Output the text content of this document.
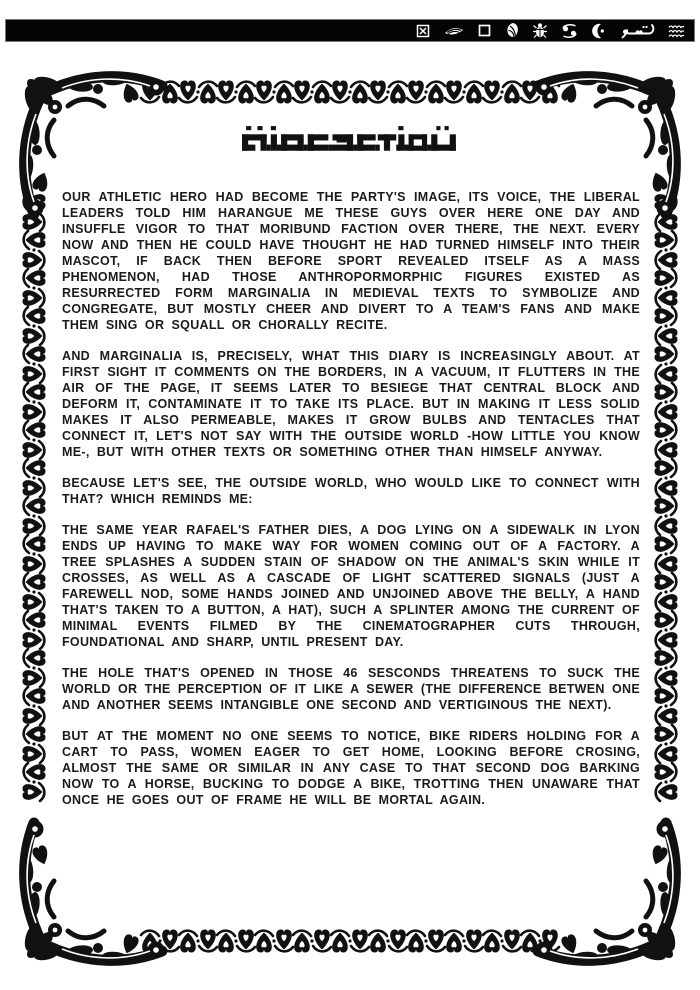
OUR ATHLETIC HERO HAD BECOME THE PARTY'S IMAGE, ITS VOICE, THE LIBERAL LEADERS TOLD HIM HARANGUE ME THESE GUYS OVER HERE ONE DAY AND INSUFFLE VIGOR TO THAT MORIBUND FACTION OVER THERE, THE NEXT. EVERY NOW AND THEN HE COULD HAVE THOUGHT HE HAD TURNED HIMSELF INTO THEIR MASCOT, IF BACK THEN BEFORE SPORT REVEALED ITSELF AS A MASS PHENOMENON, HAD THOSE ANTHROPORMORPHIC FIGURES EXISTED AS RESURRECTED FORM MARGINALIA IN MEDIEVAL TEXTS TO SYMBOLIZE AND CONGREGATE, BUT MOSTLY CHEER AND DIVERT TO A TEAM'S FANS AND MAKE THEM SING OR SQUALL OR CHORALLY RECITE.

AND MARGINALIA IS, PRECISELY, WHAT THIS DIARY IS INCREASINGLY ABOUT. AT FIRST SIGHT IT COMMENTS ON THE BORDERS, IN A VACUUM, IT FLUTTERS IN THE AIR OF THE PAGE, IT SEEMS LATER TO BESIEGE THAT CENTRAL BLOCK AND DEFORM IT, CONTAMINATE IT TO TAKE ITS PLACE. BUT IN MAKING IT LESS SOLID MAKES IT ALSO PERMEABLE, MAKES IT GROW BULBS AND TENTACLES THAT CONNECT IT, LET'S NOT SAY WITH THE OUTSIDE WORLD -HOW LITTLE YOU KNOW ME-, BUT WITH OTHER TEXTS OR SOMETHING OTHER THAN HIMSELF ANYWAY.

BECAUSE LET'S SEE, THE OUTSIDE WORLD, WHO WOULD LIKE TO CONNECT WITH THAT? WHICH REMINDS ME:

THE SAME YEAR RAFAEL'S FATHER DIES, A DOG LYING ON A SIDEWALK IN LYON ENDS UP HAVING TO MAKE WAY FOR WOMEN COMING OUT OF A FACTORY. A TREE SPLASHES A SUDDEN STAIN OF SHADOW ON THE ANIMAL'S SKIN WHILE IT CROSSES, AS WELL AS A CASCADE OF LIGHT SCATTERED SIGNALS (JUST A FAREWELL NOD, SOME HANDS JOINED AND UNJOINED ABOVE THE BELLY, A HAND THAT'S TAKEN TO A BUTTON, A HAT), SUCH A SPLINTER AMONG THE CURRENT OF MINIMAL EVENTS FILMED BY THE CINEMATOGRAPHER CUTS THROUGH, FOUNDATIONAL AND SHARP, UNTIL PRESENT DAY.

THE HOLE THAT'S OPENED IN THOSE 46 SESCONDS THREATENS TO SUCK THE WORLD OR THE PERCEPTION OF IT LIKE A SEWER (THE DIFFERENCE BETWEN ONE AND ANOTHER SEEMS INTANGIBLE ONE SECOND AND VERTIGINOUS THE NEXT).

BUT AT THE MOMENT NO ONE SEEMS TO NOTICE, BIKE RIDERS HOLDING FOR A CART TO PASS, WOMEN EAGER TO GET HOME, LOOKING BEFORE CROSING, ALMOST THE SAME OR SIMILAR IN ANY CASE TO THAT SECOND DOG BARKING NOW TO A HORSE, BUCKING TO DODGE A BIKE, TROTTING THEN UNAWARE THAT ONCE HE GOES OUT OF FRAME HE WILL BE MORTAL AGAIN.
